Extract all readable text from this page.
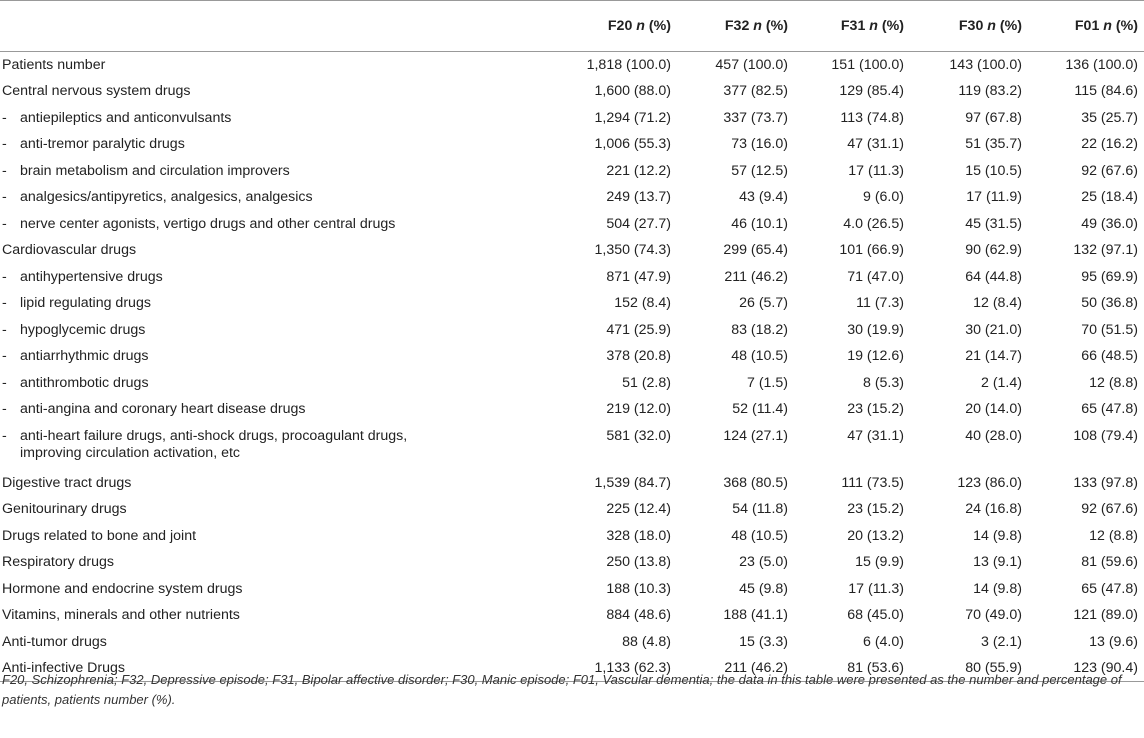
	F20 n (%)	F32 n (%)	F31 n (%)	F30 n (%)	F01 n (%)
Patients number	1,818 (100.0)	457 (100.0)	151 (100.0)	143 (100.0)	136 (100.0)
Central nervous system drugs	1,600 (88.0)	377 (82.5)	129 (85.4)	119 (83.2)	115 (84.6)
- antiepileptics and anticonvulsants	1,294 (71.2)	337 (73.7)	113 (74.8)	97 (67.8)	35 (25.7)
- anti-tremor paralytic drugs	1,006 (55.3)	73 (16.0)	47 (31.1)	51 (35.7)	22 (16.2)
- brain metabolism and circulation improvers	221 (12.2)	57 (12.5)	17 (11.3)	15 (10.5)	92 (67.6)
- analgesics/antipyretics, analgesics, analgesics	249 (13.7)	43 (9.4)	9 (6.0)	17 (11.9)	25 (18.4)
- nerve center agonists, vertigo drugs and other central drugs	504 (27.7)	46 (10.1)	4.0 (26.5)	45 (31.5)	49 (36.0)
Cardiovascular drugs	1,350 (74.3)	299 (65.4)	101 (66.9)	90 (62.9)	132 (97.1)
- antihypertensive drugs	871 (47.9)	211 (46.2)	71 (47.0)	64 (44.8)	95 (69.9)
- lipid regulating drugs	152 (8.4)	26 (5.7)	11 (7.3)	12 (8.4)	50 (36.8)
- hypoglycemic drugs	471 (25.9)	83 (18.2)	30 (19.9)	30 (21.0)	70 (51.5)
- antiarrhythmic drugs	378 (20.8)	48 (10.5)	19 (12.6)	21 (14.7)	66 (48.5)
- antithrombotic drugs	51 (2.8)	7 (1.5)	8 (5.3)	2 (1.4)	12 (8.8)
- anti-angina and coronary heart disease drugs	219 (12.0)	52 (11.4)	23 (15.2)	20 (14.0)	65 (47.8)
- anti-heart failure drugs, anti-shock drugs, procoagulant drugs, improving circulation activation, etc	581 (32.0)	124 (27.1)	47 (31.1)	40 (28.0)	108 (79.4)
Digestive tract drugs	1,539 (84.7)	368 (80.5)	111 (73.5)	123 (86.0)	133 (97.8)
Genitourinary drugs	225 (12.4)	54 (11.8)	23 (15.2)	24 (16.8)	92 (67.6)
Drugs related to bone and joint	328 (18.0)	48 (10.5)	20 (13.2)	14 (9.8)	12 (8.8)
Respiratory drugs	250 (13.8)	23 (5.0)	15 (9.9)	13 (9.1)	81 (59.6)
Hormone and endocrine system drugs	188 (10.3)	45 (9.8)	17 (11.3)	14 (9.8)	65 (47.8)
Vitamins, minerals and other nutrients	884 (48.6)	188 (41.1)	68 (45.0)	70 (49.0)	121 (89.0)
Anti-tumor drugs	88 (4.8)	15 (3.3)	6 (4.0)	3 (2.1)	13 (9.6)
Anti-infective Drugs	1,133 (62.3)	211 (46.2)	81 (53.6)	80 (55.9)	123 (90.4)
F20, Schizophrenia; F32, Depressive episode; F31, Bipolar affective disorder; F30, Manic episode; F01, Vascular dementia; the data in this table were presented as the number and percentage of patients, patients number (%).
